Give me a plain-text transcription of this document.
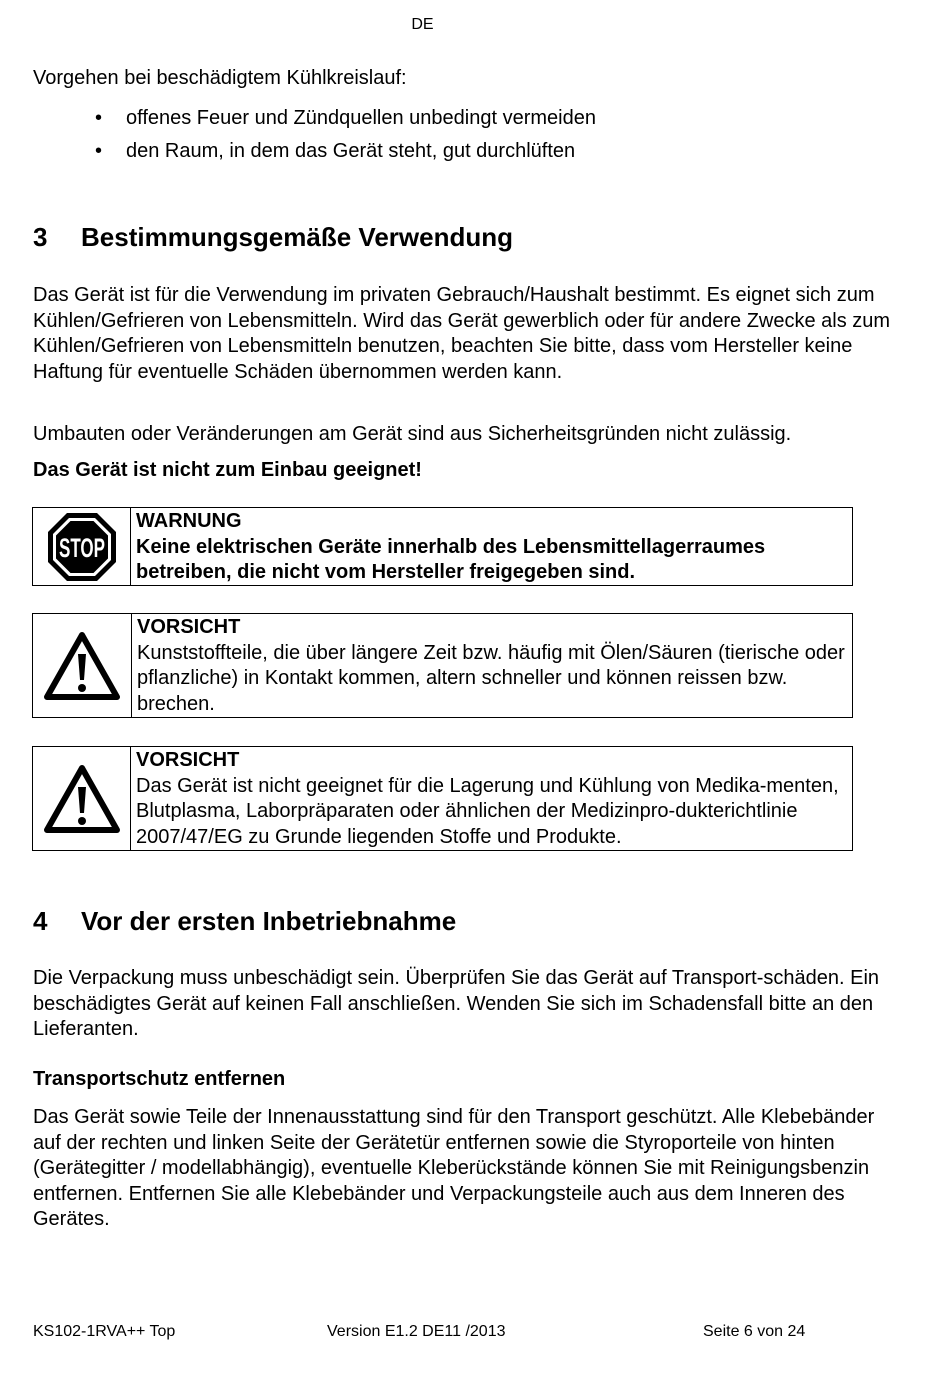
DE
Vorgehen bei beschädigtem Kühlkreislauf:
• offenes Feuer und Zündquellen unbedingt vermeiden
• den Raum, in dem das Gerät steht, gut durchlüften
3 Bestimmungsgemäße Verwendung
Das Gerät ist für die Verwendung im privaten Gebrauch/Haushalt bestimmt. Es eignet sich zum Kühlen/Gefrieren von Lebensmitteln. Wird das Gerät gewerblich oder für andere Zwecke als zum Kühlen/Gefrieren von Lebensmitteln benutzen, beachten Sie bitte, dass vom Hersteller keine Haftung für eventuelle Schäden übernommen werden kann.
Umbauten oder Veränderungen am Gerät sind aus Sicherheitsgründen nicht zulässig.
Das Gerät ist nicht zum Einbau geeignet!
STOP
WARNUNG
Keine elektrischen Geräte innerhalb des Lebensmittellagerraumes betreiben, die nicht vom Hersteller freigegeben sind.
VORSICHT
Kunststoffteile, die über längere Zeit bzw. häufig mit Ölen/Säuren (tierische oder pflanzliche) in Kontakt kommen, altern schneller und können reissen bzw. brechen.
VORSICHT
Das Gerät ist nicht geeignet für die Lagerung und Kühlung von Medika-menten, Blutplasma, Laborpräparaten oder ähnlichen der Medizinpro-dukterichtlinie 2007/47/EG zu Grunde liegenden Stoffe und Produkte.
4 Vor der ersten Inbetriebnahme
Die Verpackung muss unbeschädigt sein. Überprüfen Sie das Gerät auf Transport-schäden. Ein beschädigtes Gerät auf keinen Fall anschließen. Wenden Sie sich im Schadensfall bitte an den Lieferanten.
Transportschutz entfernen
Das Gerät sowie Teile der Innenausstattung sind für den Transport geschützt. Alle Klebebänder auf der rechten und linken Seite der Gerätetür entfernen sowie die Styroporteile von hinten (Gerätegitter / modellabhängig), eventuelle Kleberückstände können Sie mit Reinigungsbenzin entfernen. Entfernen Sie alle Klebebänder und Verpackungsteile auch aus dem Inneren des Gerätes.
KS102-1RVA++ Top	Version E1.2 DE11 /2013	Seite 6 von 24
